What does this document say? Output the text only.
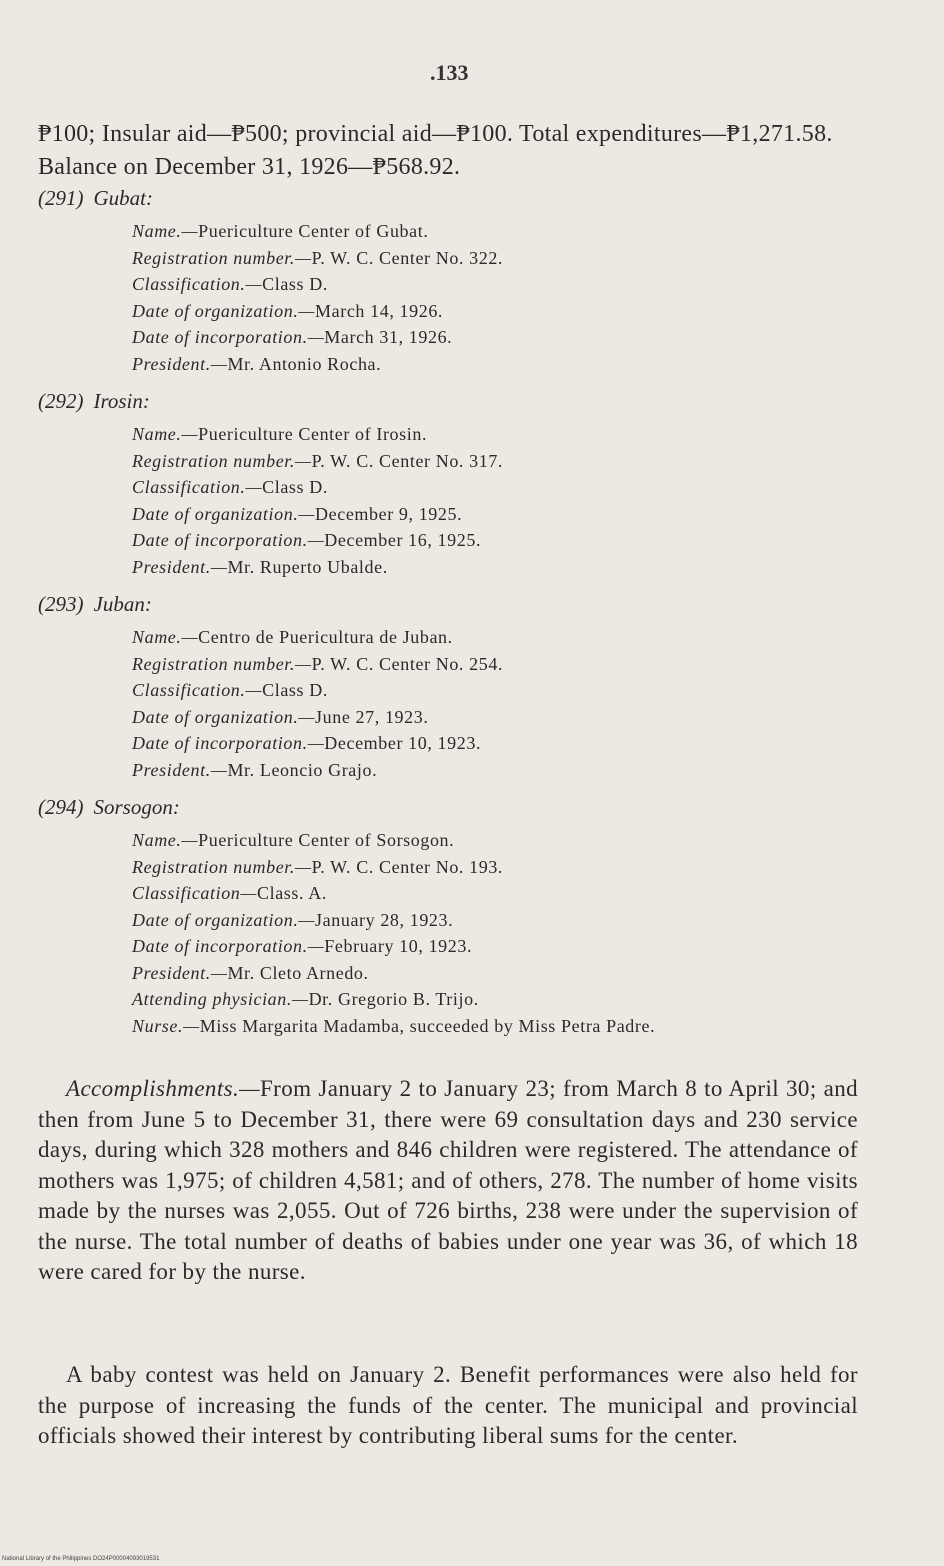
.133
₱100; Insular aid—₱500; provincial aid—₱100. Total expenditures—₱1,271.58. Balance on December 31, 1926—₱568.92.
(291) Gubat:
Name.—Puericulture Center of Gubat.
Registration number.—P. W. C. Center No. 322.
Classification.—Class D.
Date of organization.—March 14, 1926.
Date of incorporation.—March 31, 1926.
President.—Mr. Antonio Rocha.
(292) Irosin:
Name.—Puericulture Center of Irosin.
Registration number.—P. W. C. Center No. 317.
Classification.—Class D.
Date of organization.—December 9, 1925.
Date of incorporation.—December 16, 1925.
President.—Mr. Ruperto Ubalde.
(293) Juban:
Name.—Centro de Puericultura de Juban.
Registration number.—P. W. C. Center No. 254.
Classification.—Class D.
Date of organization.—June 27, 1923.
Date of incorporation.—December 10, 1923.
President.—Mr. Leoncio Grajo.
(294) Sorsogon:
Name.—Puericulture Center of Sorsogon.
Registration number.—P. W. C. Center No. 193.
Classification—Class. A.
Date of organization.—January 28, 1923.
Date of incorporation.—February 10, 1923.
President.—Mr. Cleto Arnedo.
Attending physician.—Dr. Gregorio B. Trijo.
Nurse.—Miss Margarita Madamba, succeeded by Miss Petra Padre.
Accomplishments.—From January 2 to January 23; from March 8 to April 30; and then from June 5 to December 31, there were 69 consultation days and 230 service days, during which 328 mothers and 846 children were registered. The attendance of mothers was 1,975; of children 4,581; and of others, 278. The number of home visits made by the nurses was 2,055. Out of 726 births, 238 were under the supervision of the nurse. The total number of deaths of babies under one year was 36, of which 18 were cared for by the nurse.
A baby contest was held on January 2. Benefit performances were also held for the purpose of increasing the funds of the center. The municipal and provincial officials showed their interest by contributing liberal sums for the center.
National Library of the Philippines DO24P00004093019531
